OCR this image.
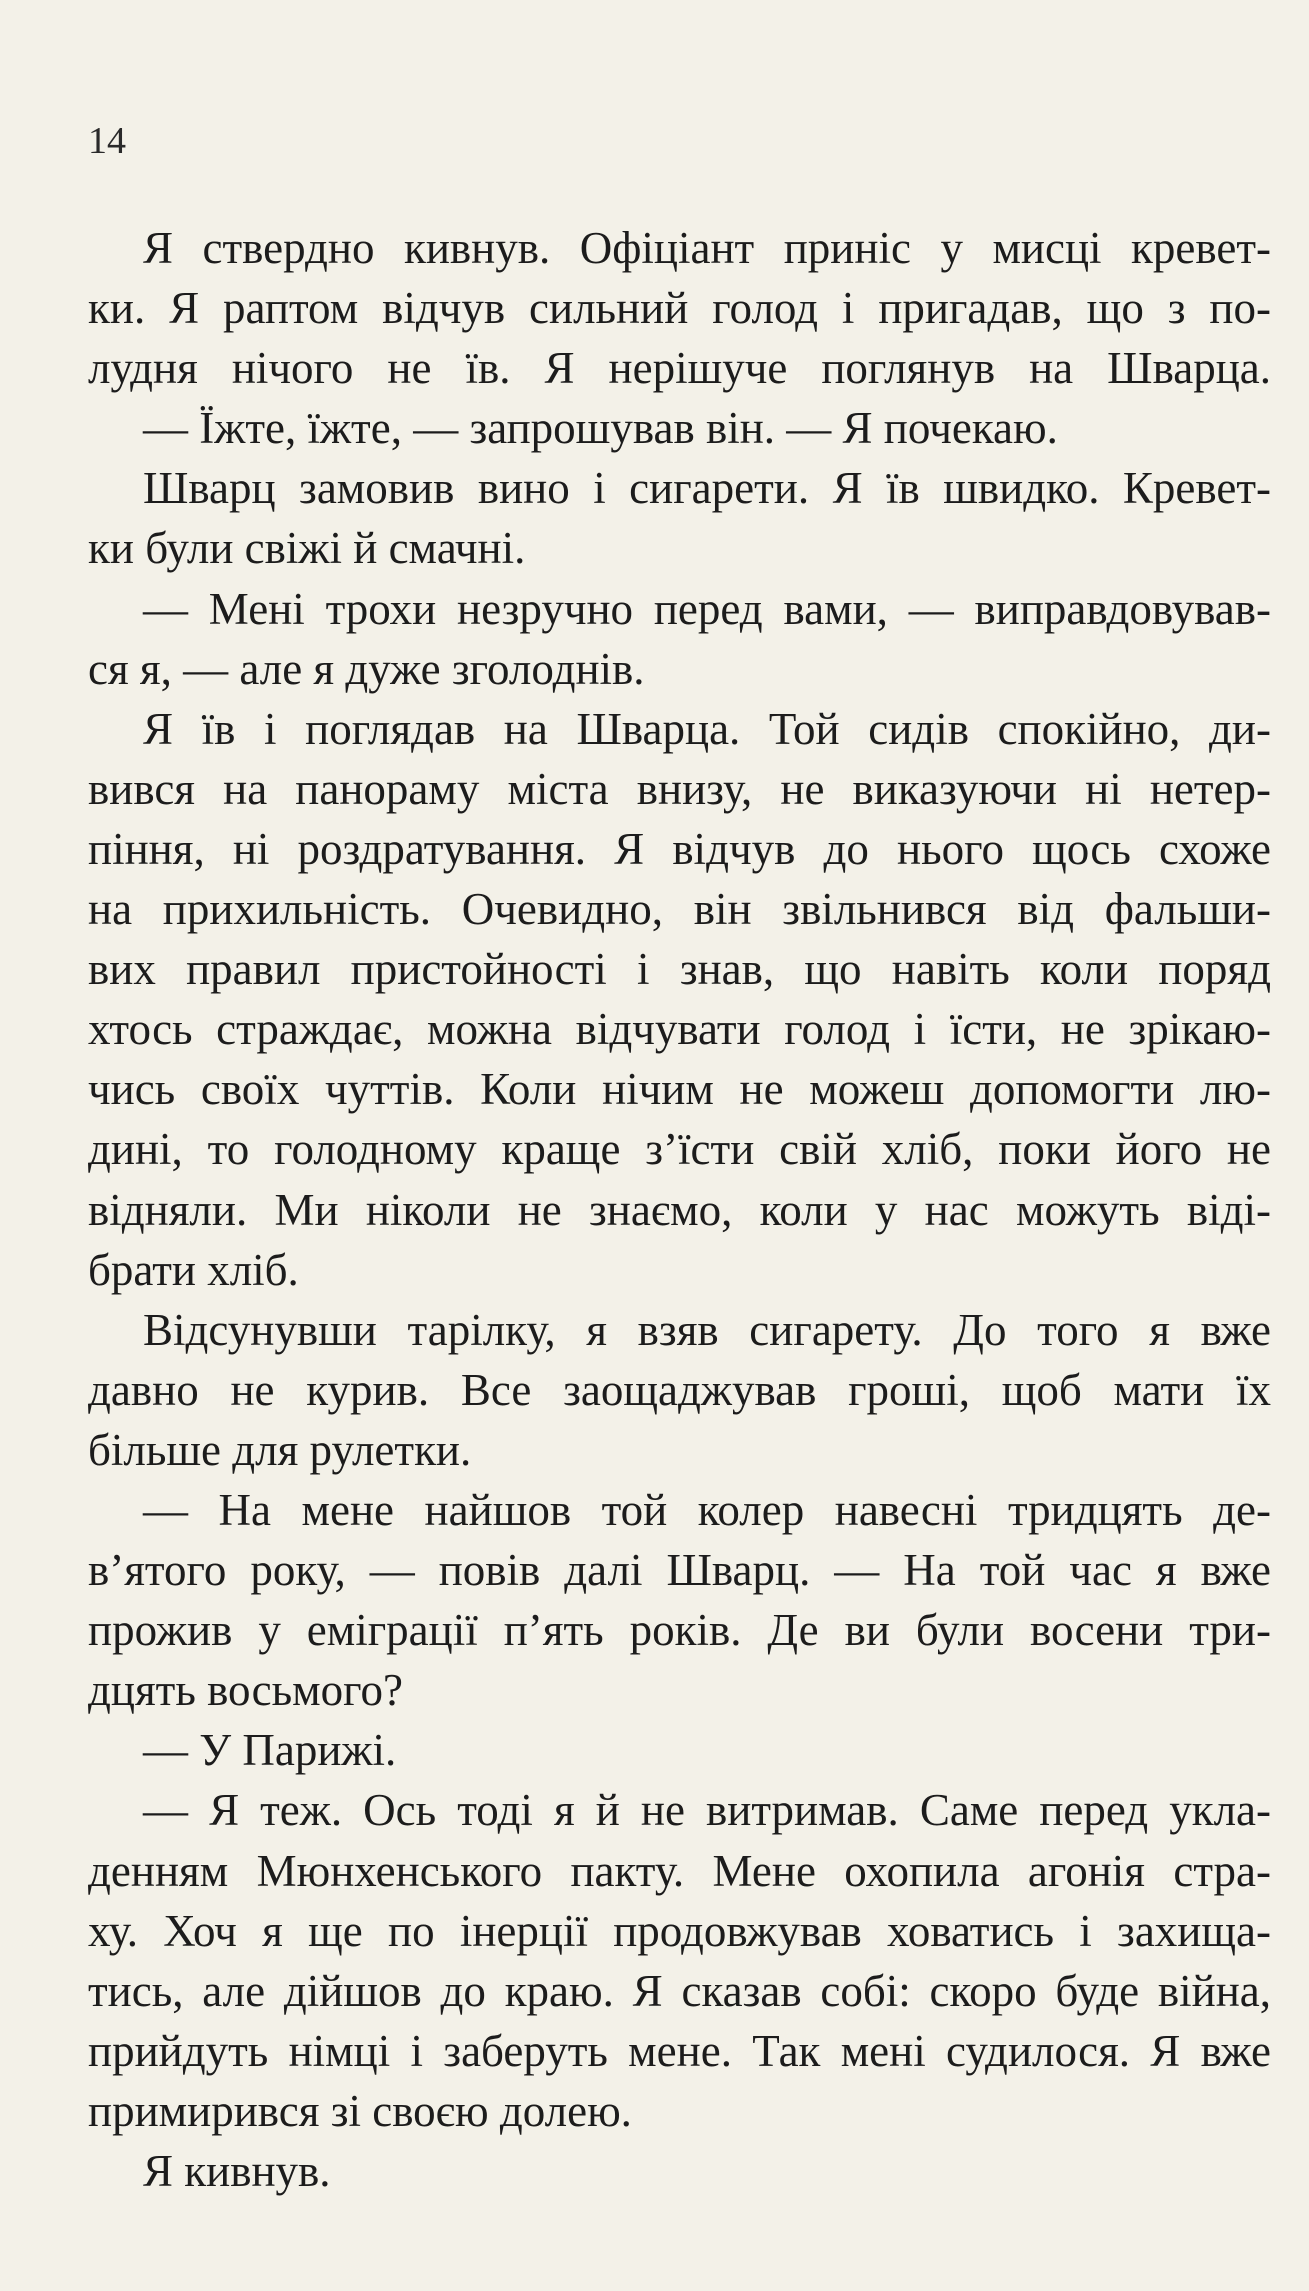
14
Я ствердно кивнув. Офіціант приніс у мисці кревет-
ки. Я раптом відчув сильний голод і пригадав, що з по-
лудня нічого не їв. Я нерішуче поглянув на Шварца.
— Їжте, їжте, — запрошував він. — Я почекаю.
Шварц замовив вино і сигарети. Я їв швидко. Кревет-
ки були свіжі й смачні.
— Мені трохи незручно перед вами, — виправдовував-
ся я, — але я дуже зголоднів.
Я їв і поглядав на Шварца. Той сидів спокійно, ди-
вився на панораму міста внизу, не виказуючи ні нетер-
піння, ні роздратування. Я відчув до нього щось схоже
на прихильність. Очевидно, він звільнився від фальши-
вих правил пристойності і знав, що навіть коли поряд
хтось страждає, можна відчувати голод і їсти, не зрікаю-
чись своїх чуттів. Коли нічим не можеш допомогти лю-
дині, то голодному краще з’їсти свій хліб, поки його не
відняли. Ми ніколи не знаємо, коли у нас можуть віді-
брати хліб.
Відсунувши тарілку, я взяв сигарету. До того я вже
давно не курив. Все заощаджував гроші, щоб мати їх
більше для рулетки.
— На мене найшов той колер навесні тридцять де-
в’ятого року, — повів далі Шварц. — На той час я вже
прожив у еміграції п’ять років. Де ви були восени три-
дцять восьмого?
— У Парижі.
— Я теж. Ось тоді я й не витримав. Саме перед укла-
денням Мюнхенського пакту. Мене охопила агонія стра-
ху. Хоч я ще по інерції продовжував ховатись і захища-
тись, але дійшов до краю. Я сказав собі: скоро буде війна,
прийдуть німці і заберуть мене. Так мені судилося. Я вже
примирився зі своєю долею.
Я кивнув.
